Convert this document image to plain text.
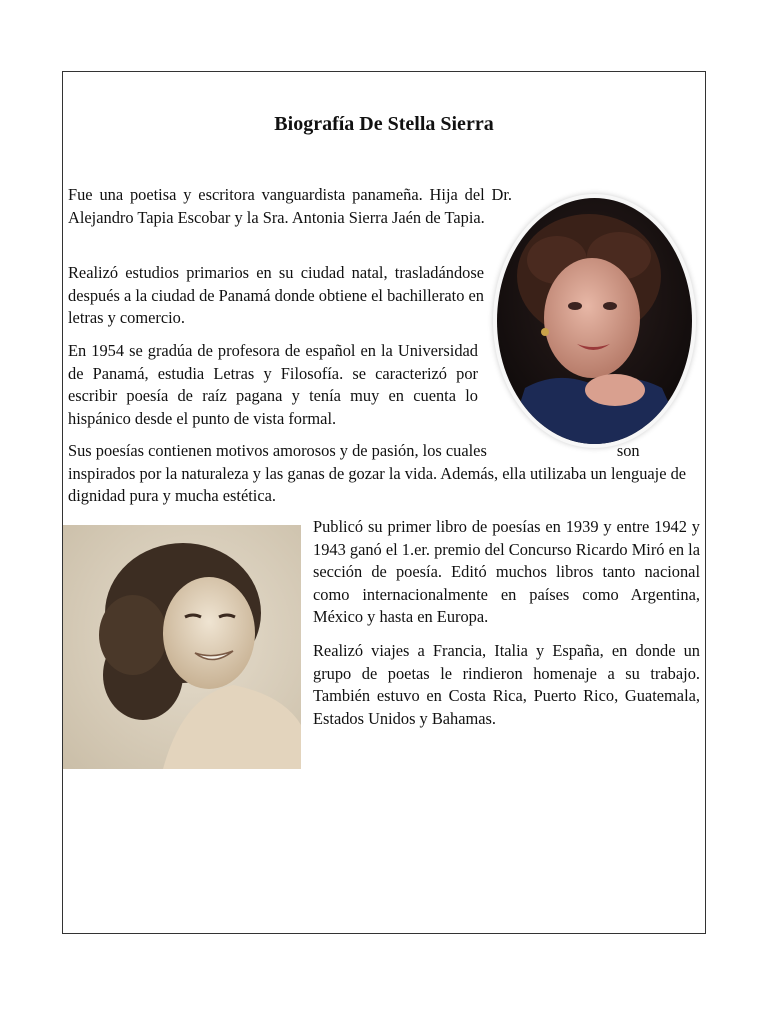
Biografía De Stella Sierra

Fue una poetisa y escritora vanguardista panameña. Hija del Dr. Alejandro Tapia Escobar y la Sra. Antonia Sierra Jaén de Tapia.

Realizó estudios primarios en su ciudad natal, trasladándose después a la ciudad de Panamá donde obtiene el bachillerato en letras y comercio.

En 1954 se gradúa de profesora de español en la Universidad de Panamá, estudia Letras y Filosofía. se caracterizó por escribir poesía de raíz pagana y tenía muy en cuenta lo hispánico desde el punto de vista formal.

Sus poesías contienen motivos amorosos y de pasión, los cuales	son inspirados por la naturaleza y las ganas de gozar la vida. Además, ella utilizaba un lenguaje de dignidad pura y mucha estética.

Publicó su primer libro de poesías en 1939 y entre 1942 y 1943 ganó el 1.er. premio del Concurso Ricardo Miró en la sección de poesía. Editó muchos libros tanto nacional como internacionalmente en países como Argentina, México y hasta en Europa.

Realizó viajes a Francia, Italia y España, en donde un grupo de poetas le rindieron homenaje a su trabajo. También estuvo en Costa Rica, Puerto Rico, Guatemala, Estados Unidos y Bahamas.
